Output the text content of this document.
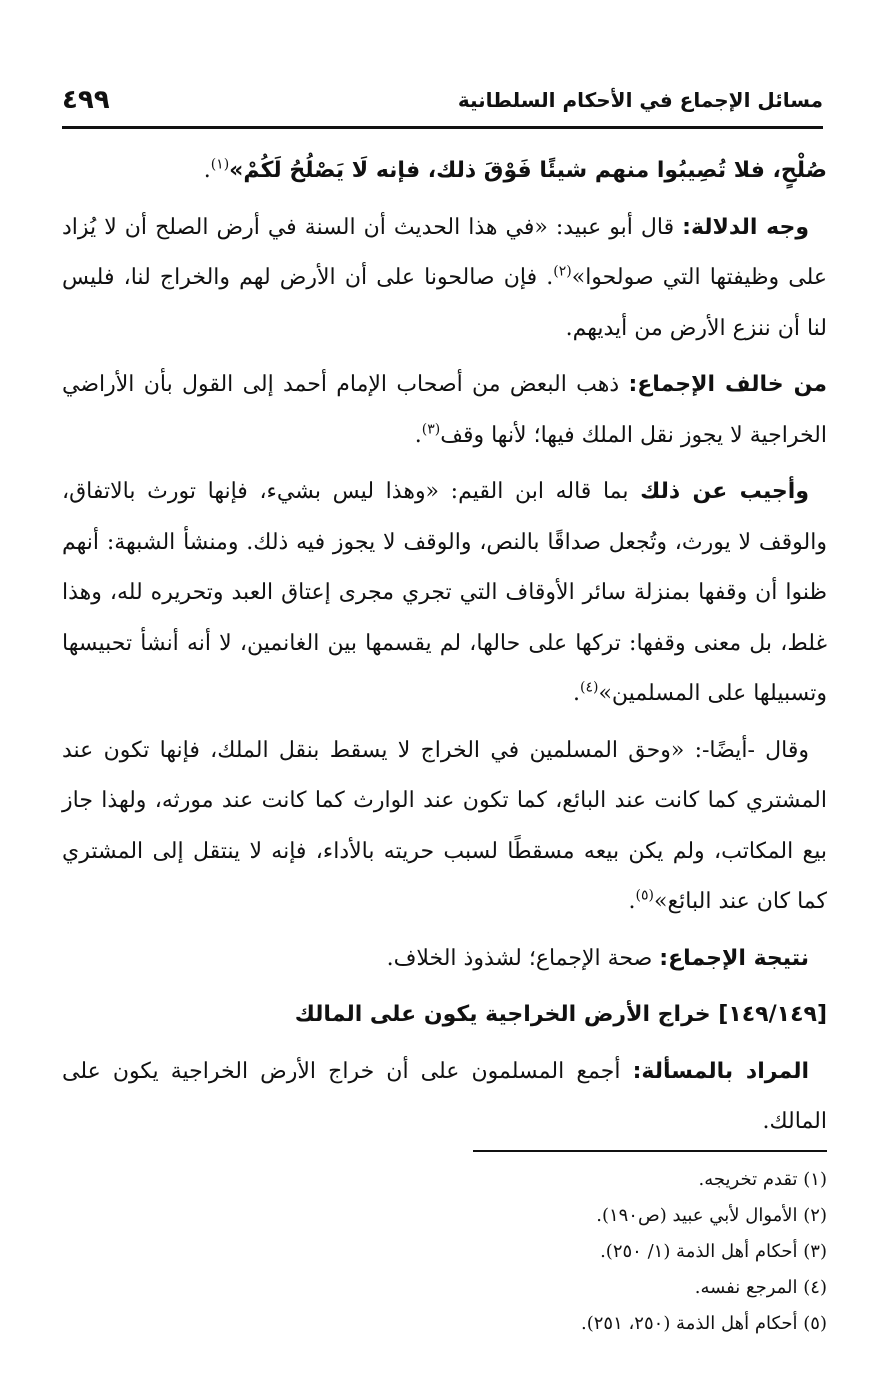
مسائل الإجماع في الأحكام السلطانية
٤٩٩

صُلْحٍ، فلا تُصِيبُوا منهم شيئًا فَوْقَ ذلك، فإنه لَا يَصْلُحُ لَكُمْ»$^{(١)}$.

وجه الدلالة: قال أبو عبيد: «في هذا الحديث أن السنة في أرض الصلح أن لا يُزاد على وظيفتها التي صولحوا»$^{(٢)}$. فإن صالحونا على أن الأرض لهم والخراج لنا، فليس لنا أن ننزع الأرض من أيديهم.

من خالف الإجماع: ذهب البعض من أصحاب الإمام أحمد إلى القول بأن الأراضي الخراجية لا يجوز نقل الملك فيها؛ لأنها وقف$^{(٣)}$.

وأجيب عن ذلك بما قاله ابن القيم: «وهذا ليس بشيء، فإنها تورث بالاتفاق، والوقف لا يورث، وتُجعل صداقًا بالنص، والوقف لا يجوز فيه ذلك. ومنشأ الشبهة: أنهم ظنوا أن وقفها بمنزلة سائر الأوقاف التي تجري مجرى إعتاق العبد وتحريره لله، وهذا غلط، بل معنى وقفها: تركها على حالها، لم يقسمها بين الغانمين، لا أنه أنشأ تحبيسها وتسبيلها على المسلمين»$^{(٤)}$.

وقال -أيضًا-: «وحق المسلمين في الخراج لا يسقط بنقل الملك، فإنها تكون عند المشتري كما كانت عند البائع، كما تكون عند الوارث كما كانت عند مورثه، ولهذا جاز بيع المكاتب، ولم يكن بيعه مسقطًا لسبب حريته بالأداء، فإنه لا ينتقل إلى المشتري كما كان عند البائع»$^{(٥)}$.

نتيجة الإجماع: صحة الإجماع؛ لشذوذ الخلاف.

[١٤٩/١٤٩] خراج الأرض الخراجية يكون على المالك

المراد بالمسألة: أجمع المسلمون على أن خراج الأرض الخراجية يكون على المالك.

(١) تقدم تخريجه.
(٢) الأموال لأبي عبيد (ص١٩٠).
(٣) أحكام أهل الذمة (١/ ٢٥٠).
(٤) المرجع نفسه.
(٥) أحكام أهل الذمة (٢٥٠، ٢٥١).
